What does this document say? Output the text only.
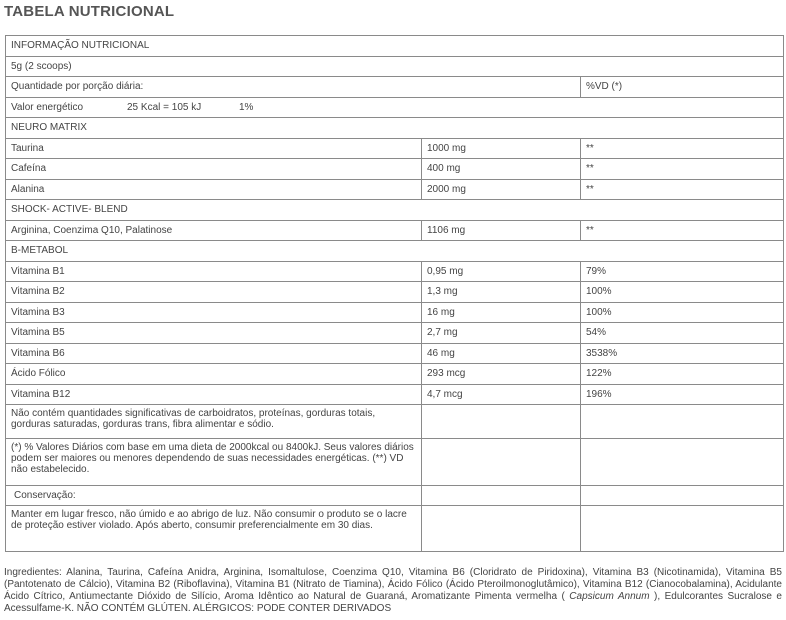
TABELA NUTRICIONAL
INFORMAÇÃO NUTRICIONAL		
5g (2 scoops)		
Quantidade por porção diária:		%VD (*)
Valor energético 25 Kcal = 105 kJ 1%		
NEURO MATRIX		
Taurina	1000 mg	**
Cafeína	400 mg	**
Alanina	2000 mg	**
SHOCK- ACTIVE- BLEND		
Arginina, Coenzima Q10, Palatinose	1106 mg	**
B-METABOL		
Vitamina B1	0,95 mg	79%
Vitamina B2	1,3 mg	100%
Vitamina B3	16 mg	100%
Vitamina B5	2,7 mg	54%
Vitamina B6	46 mg	3538%
Ácido Fólico	293 mcg	122%
Vitamina B12	4,7 mcg	196%
Não contém quantidades significativas de carboidratos, proteínas, gorduras totais, gorduras saturadas, gorduras trans, fibra alimentar e sódio.		
(*) % Valores Diários com base em uma dieta de 2000kcal ou 8400kJ. Seus valores diários podem ser maiores ou menores dependendo de suas necessidades energéticas. (**) VD não estabelecido.		
Conservação:		
Manter em lugar fresco, não úmido e ao abrigo de luz. Não consumir o produto se o lacre de proteção estiver violado. Após aberto, consumir preferencialmente em 30 dias.		
Ingredientes: Alanina, Taurina, Cafeína Anidra, Arginina, Isomaltulose, Coenzima Q10, Vitamina B6 (Cloridrato de Piridoxina), Vitamina B3 (Nicotinamida), Vitamina B5 (Pantotenato de Cálcio), Vitamina B2 (Riboflavina), Vitamina B1 (Nitrato de Tiamina), Ácido Fólico (Ácido Pteroilmonoglutâmico), Vitamina B12 (Cianocobalamina), Acidulante Ácido Cítrico, Antiumectante Dióxido de Silício, Aroma Idêntico ao Natural de Guaraná, Aromatizante Pimenta vermelha ( Capsicum Annum ), Edulcorantes Sucralose e Acessulfame-K. NÃO CONTÉM GLÚTEN. ALÉRGICOS: PODE CONTER DERIVADOS
